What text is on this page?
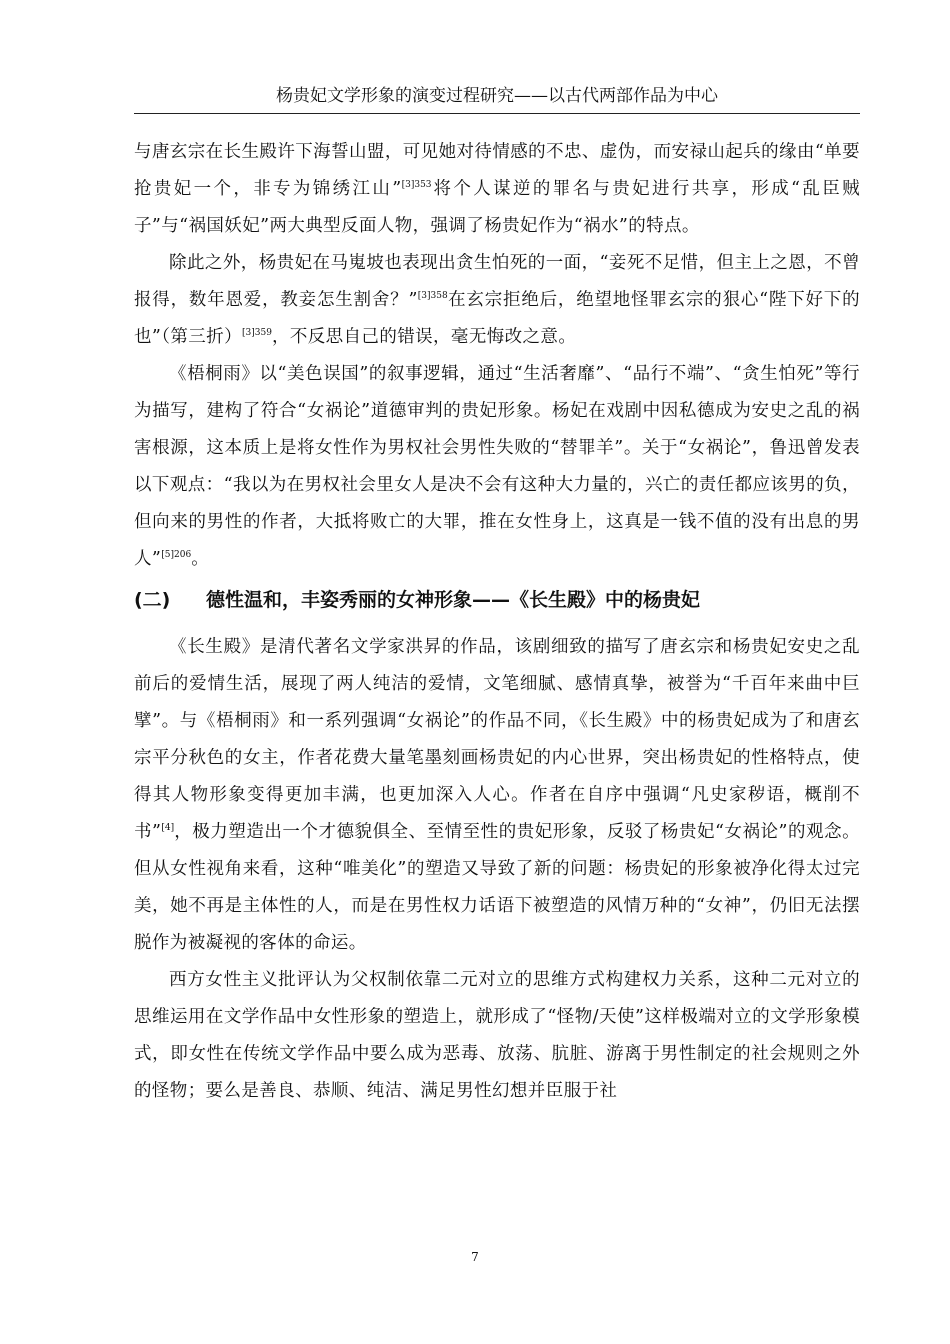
杨贵妃文学形象的演变过程研究——以古代两部作品为中心

与唐玄宗在长生殿许下海誓山盟，可见她对待情感的不忠、虚伪，而安禄山起兵的缘由“单要抢贵妃一个，非专为锦绣江山”$^{[3]353}$将个人谋逆的罪名与贵妃进行共享，形成“乱臣贼子”与“祸国妖妃”两大典型反面人物，强调了杨贵妃作为“祸水”的特点。

除此之外，杨贵妃在马嵬坡也表现出贪生怕死的一面，“妾死不足惜，但主上之恩，不曾报得，数年恩爱，教妾怎生割舍？”$^{[3]358}$在玄宗拒绝后，绝望地怪罪玄宗的狠心“陛下好下的也”（第三折）$^{[3]359}$，不反思自己的错误，毫无悔改之意。

《梧桐雨》以“美色误国”的叙事逻辑，通过“生活奢靡”、“品行不端”、“贪生怕死”等行为描写，建构了符合“女祸论”道德审判的贵妃形象。杨妃在戏剧中因私德成为安史之乱的祸害根源，这本质上是将女性作为男权社会男性失败的“替罪羊”。关于“女祸论”，鲁迅曾发表以下观点：“我以为在男权社会里女人是决不会有这种大力量的，兴亡的责任都应该男的负，但向来的男性的作者，大抵将败亡的大罪，推在女性身上，这真是一钱不值的没有出息的男人”$^{[5]206}$。

(二)	德性温和，丰姿秀丽的女神形象——《长生殿》中的杨贵妃

《长生殿》是清代著名文学家洪昇的作品，该剧细致的描写了唐玄宗和杨贵妃安史之乱前后的爱情生活，展现了两人纯洁的爱情，文笔细腻、感情真挚，被誉为“千百年来曲中巨擘”。与《梧桐雨》和一系列强调“女祸论”的作品不同，《长生殿》中的杨贵妃成为了和唐玄宗平分秋色的女主，作者花费大量笔墨刻画杨贵妃的内心世界，突出杨贵妃的性格特点，使得其人物形象变得更加丰满，也更加深入人心。作者在自序中强调“凡史家秽语，概削不书”[4]，极力塑造出一个才德貌俱全、至情至性的贵妃形象，反驳了杨贵妃“女祸论”的观念。但从女性视角来看，这种“唯美化”的塑造又导致了新的问题：杨贵妃的形象被净化得太过完美，她不再是主体性的人，而是在男性权力话语下被塑造的风情万种的“女神”，仍旧无法摆脱作为被凝视的客体的命运。

西方女性主义批评认为父权制依靠二元对立的思维方式构建权力关系，这种二元对立的思维运用在文学作品中女性形象的塑造上，就形成了“怪物/天使”这样极端对立的文学形象模式，即女性在传统文学作品中要么成为恶毒、放荡、肮脏、游离于男性制定的社会规则之外的怪物；要么是善良、恭顺、纯洁、满足男性幻想并臣服于社

7
